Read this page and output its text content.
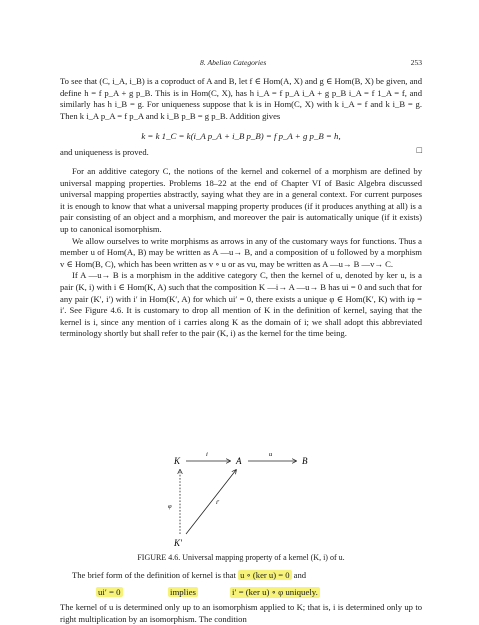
8. Abelian Categories	253

To see that (C, i_A, i_B) is a coproduct of A and B, let f ∈ Hom(A, X) and g ∈ Hom(B, X) be given, and define h = f p_A + g p_B. This is in Hom(C, X), has h i_A = f p_A i_A + g p_B i_A = f 1_A = f, and similarly has h i_B = g. For uniqueness suppose that k is in Hom(C, X) with k i_A = f and k i_B = g. Then k i_A p_A = f p_A and k i_B p_B = g p_B. Addition gives

k = k 1_C = k(i_A p_A + i_B p_B) = f p_A + g p_B = h,

and uniqueness is proved.	□

For an additive category C, the notions of the kernel and cokernel of a morphism are defined by universal mapping properties. Problems 18–22 at the end of Chapter VI of Basic Algebra discussed universal mapping properties abstractly, saying what they are in a general context. For current purposes it is enough to know that what a universal mapping property produces (if it produces anything at all) is a pair consisting of an object and a morphism, and moreover the pair is automatically unique (if it exists) up to canonical isomorphism.

We allow ourselves to write morphisms as arrows in any of the customary ways for functions. Thus a member u of Hom(A, B) may be written as A —u→ B, and a composition of u followed by a morphism v ∈ Hom(B, C), which has been written as v ∘ u or as vu, may be written as A —u→ B —v→ C.

If A —u→ B is a morphism in the additive category C, then the kernel of u, denoted by ker u, is a pair (K, i) with i ∈ Hom(K, A) such that the composition K —i→ A —u→ B has ui = 0 and such that for any pair (K′, i′) with i′ in Hom(K′, A) for which ui′ = 0, there exists a unique φ ∈ Hom(K′, K) with iφ = i′. See Figure 4.6. It is customary to drop all mention of K in the definition of kernel, saying that the kernel is i, since any mention of i carries along K as the domain of i; we shall adopt this abbreviated terminology shortly but shall refer to the pair (K, i) as the kernel for the time being.

K	A	B
K′
i	u
φ
i′
FIGURE 4.6. Universal mapping property of a kernel (K, i) of u.

The brief form of the definition of kernel is that u ∘ (ker u) = 0 and

ui′ = 0	implies	i′ = (ker u) ∘ φ uniquely.

The kernel of u is determined only up to an isomorphism applied to K; that is, i is determined only up to right multiplication by an isomorphism. The condition
